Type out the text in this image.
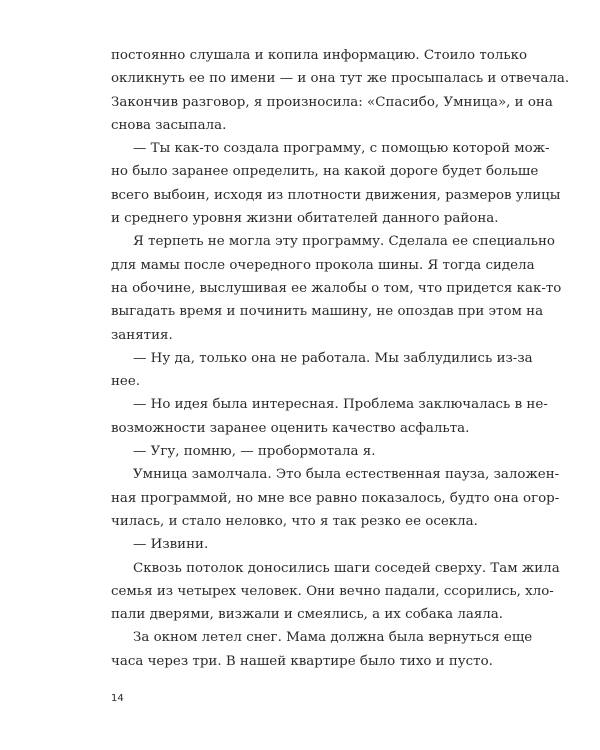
постоянно слушала и копила информацию. Стоило только
окликнуть ее по имени — и она тут же просыпалась и отвечала.
Закончив разговор, я произносила: «Спасибо, Умница», и она
снова засыпала.

— Ты как-то создала программу, с помощью которой мож-
но было заранее определить, на какой дороге будет больше
всего выбоин, исходя из плотности движения, размеров улицы
и среднего уровня жизни обитателей данного района.

Я терпеть не могла эту программу. Сделала ее специально
для мамы после очередного прокола шины. Я тогда сидела
на обочине, выслушивая ее жалобы о том, что придется как-то
выгадать время и починить машину, не опоздав при этом на
занятия.

— Ну да, только она не работала. Мы заблудились из-за
нее.

— Но идея была интересная. Проблема заключалась в не-
возможности заранее оценить качество асфальта.

— Угу, помню, — пробормотала я.

Умница замолчала. Это была естественная пауза, заложен-
ная программой, но мне все равно показалось, будто она огор-
чилась, и стало неловко, что я так резко ее осекла.

— Извини.

Сквозь потолок доносились шаги соседей сверху. Там жила
семья из четырех человек. Они вечно падали, ссорились, хло-
пали дверями, визжали и смеялись, а их собака лаяла.

За окном летел снег. Мама должна была вернуться еще
часа через три. В нашей квартире было тихо и пусто.

14
